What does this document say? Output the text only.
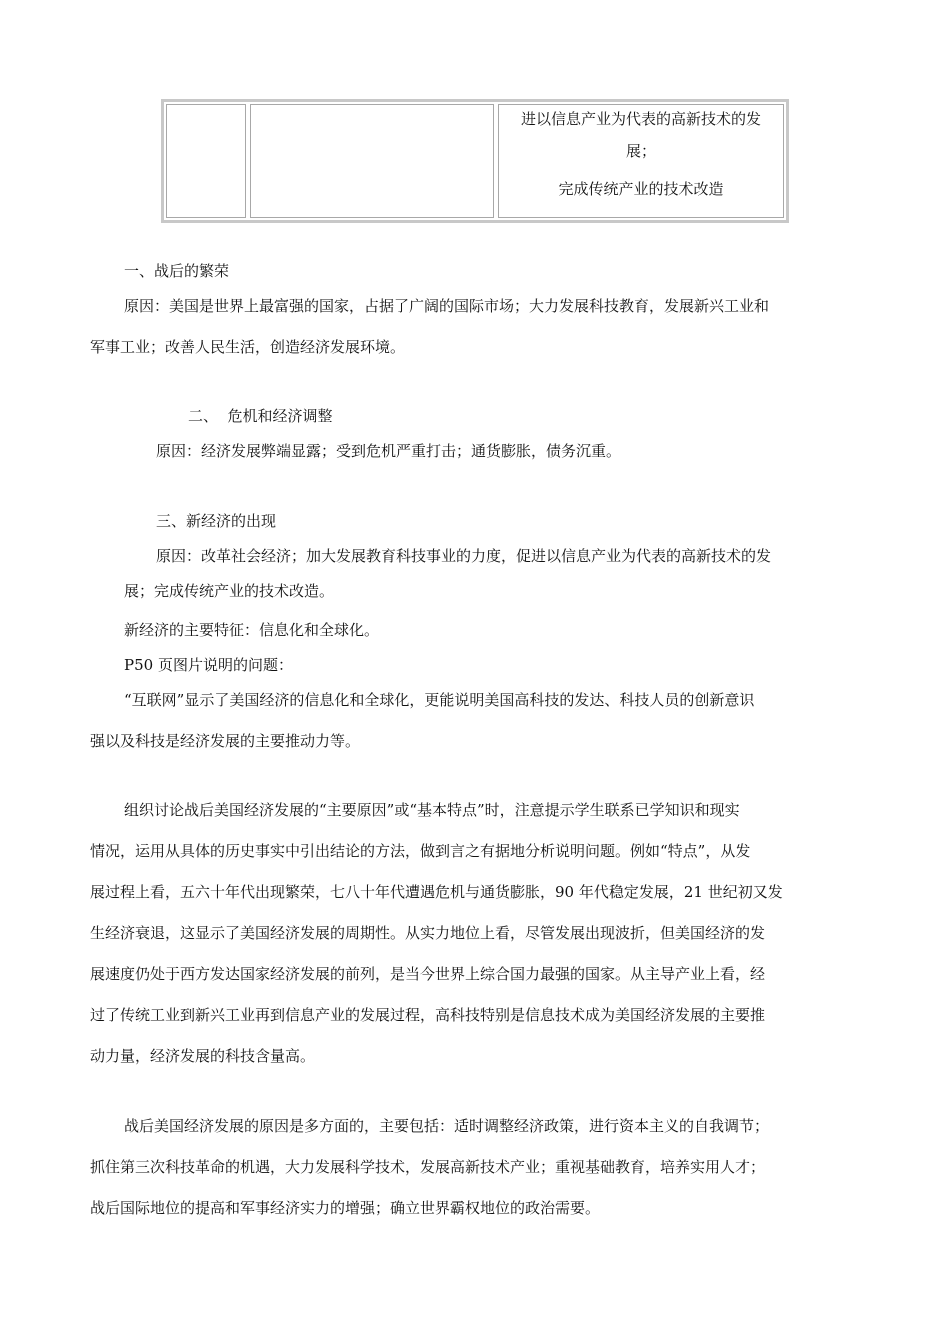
进以信息产业为代表的高新技术的发
展；
完成传统产业的技术改造
一、战后的繁荣
原因：美国是世界上最富强的国家，占据了广阔的国际市场；大力发展科技教育，发展新兴工业和
军事工业；改善人民生活，创造经济发展环境。
二、  危机和经济调整
原因：经济发展弊端显露；受到危机严重打击；通货膨胀，债务沉重。
三、新经济的出现
原因：改革社会经济；加大发展教育科技事业的力度，促进以信息产业为代表的高新技术的发
展；完成传统产业的技术改造。
新经济的主要特征：信息化和全球化。
P50 页图片说明的问题：
“互联网”显示了美国经济的信息化和全球化，更能说明美国高科技的发达、科技人员的创新意识
强以及科技是经济发展的主要推动力等。
组织讨论战后美国经济发展的“主要原因”或“基本特点”时，注意提示学生联系已学知识和现实
情况，运用从具体的历史事实中引出结论的方法，做到言之有据地分析说明问题。例如“特点”，从发
展过程上看，五六十年代出现繁荣，七八十年代遭遇危机与通货膨胀，90 年代稳定发展，21 世纪初又发
生经济衰退，这显示了美国经济发展的周期性。从实力地位上看，尽管发展出现波折，但美国经济的发
展速度仍处于西方发达国家经济发展的前列，是当今世界上综合国力最强的国家。从主导产业上看，经
过了传统工业到新兴工业再到信息产业的发展过程，高科技特别是信息技术成为美国经济发展的主要推
动力量，经济发展的科技含量高。
战后美国经济发展的原因是多方面的，主要包括：适时调整经济政策，进行资本主义的自我调节；
抓住第三次科技革命的机遇，大力发展科学技术，发展高新技术产业；重视基础教育，培养实用人才；
战后国际地位的提高和军事经济实力的增强；确立世界霸权地位的政治需要。
